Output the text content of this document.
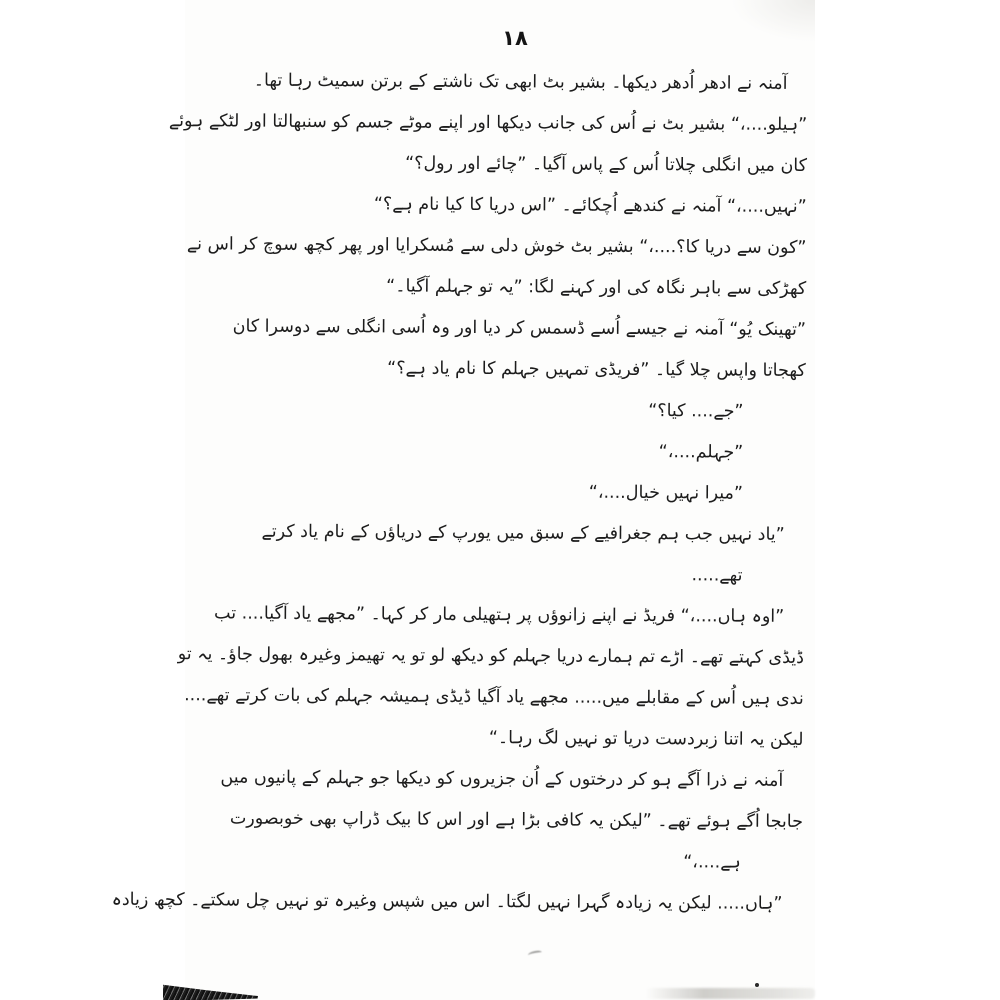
۱۸
آمنہ نے ادھر اُدھر دیکھا۔ بشیر بٹ ابھی تک ناشتے کے برتن سمیٹ رہا تھا۔
”ہیلو....،“ بشیر بٹ نے اُس کی جانب دیکھا اور اپنے موٹے جسم کو سنبھالتا اور لٹکے ہوئے
کان میں انگلی چلاتا اُس کے پاس آگیا۔ ”چائے اور رول؟“
”نہیں....،“ آمنہ نے کندھے اُچکائے۔ ”اس دریا کا کیا نام ہے؟“
”کون سے دریا کا؟....،“ بشیر بٹ خوش دلی سے مُسکرایا اور پھر کچھ سوچ کر اس نے
کھڑکی سے باہر نگاہ کی اور کہنے لگا: ”یہ تو جہلم آگیا۔“
”تھینک یُو“ آمنہ نے جیسے اُسے ڈسمس کر دیا اور وہ اُسی انگلی سے دوسرا کان
کھجاتا واپس چلا گیا۔ ”فریڈی تمہیں جہلم کا نام یاد ہے؟“
”جے.... کیا؟“
”جہلم....،“
”میرا نہیں خیال....،“
”یاد نہیں جب ہم جغرافیے کے سبق میں یورپ کے دریاؤں کے نام یاد کرتے
تھے.....
”اوہ ہاں....،“ فریڈ نے اپنے زانوؤں پر ہتھیلی مار کر کہا۔ ”مجھے یاد آگیا.... تب
ڈیڈی کہتے تھے۔ اڑے تم ہمارے دریا جہلم کو دیکھ لو تو یہ تھیمز وغیرہ بھول جاؤ۔ یہ تو
ندی ہیں اُس کے مقابلے میں..... مجھے یاد آگیا ڈیڈی ہمیشہ جہلم کی بات کرتے تھے....
لیکن یہ اتنا زبردست دریا تو نہیں لگ رہا۔“
آمنہ نے ذرا آگے ہو کر درختوں کے اُن جزیروں کو دیکھا جو جہلم کے پانیوں میں
جابجا اُگے ہوئے تھے۔ ”لیکن یہ کافی بڑا ہے اور اس کا بیک ڈراپ بھی خوبصورت
ہے....،“
”ہاں..... لیکن یہ زیادہ گہرا نہیں لگتا۔ اس میں شپس وغیرہ تو نہیں چل سکتے۔ کچھ زیادہ
